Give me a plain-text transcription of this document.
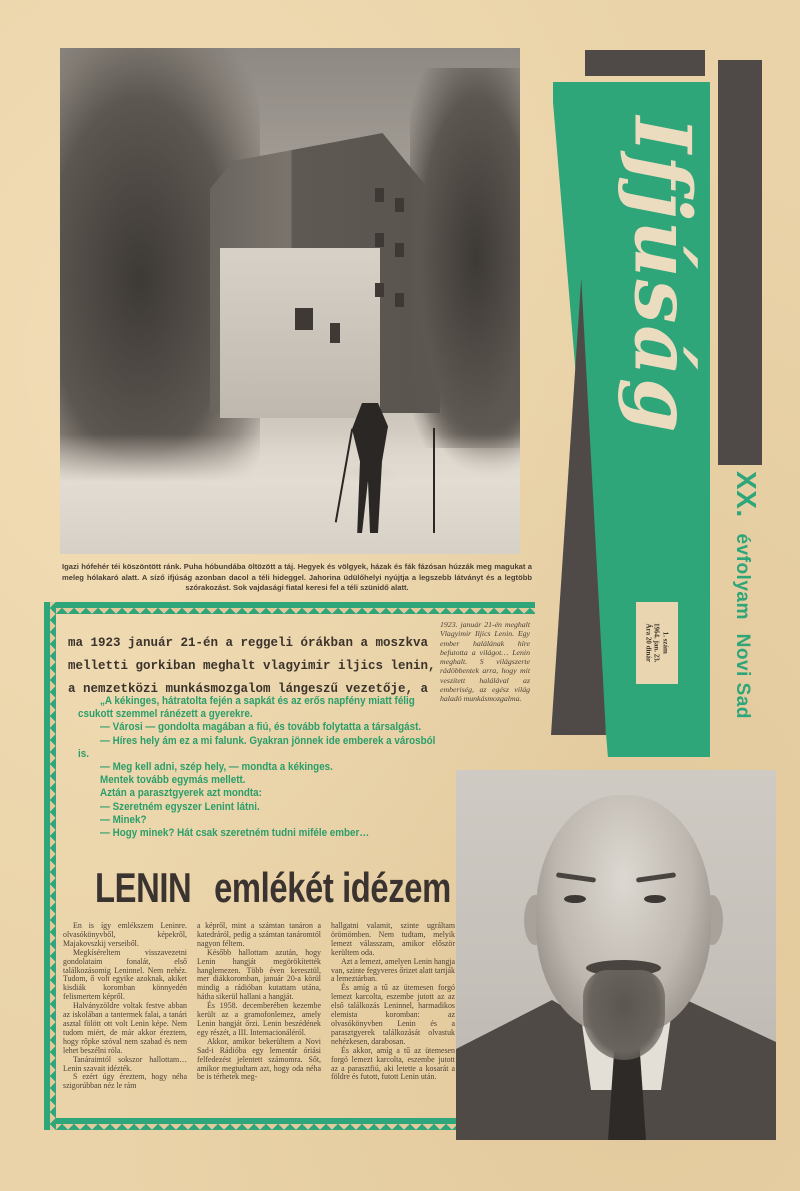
Igazi hófehér téi köszöntött ránk. Puha hóbundába öltözött a táj. Hegyek és völgyek, házak és fák fázósan húzzák meg magukat a meleg hólakaró alatt. A síző ifjúság azonban dacol a téli hideggel. Jahorina üdülőhelyi nyújtja a legszebb látványt és a legtöbb szórakozást. Sok vajdasági fiatal keresi fel a téli szünidő alatt.
Ifjúság
1. szám
1964. jan. 23.
Ára 20 dinár
XX. évfolyam Novi Sad
ma 1923 január 21-én a reggeli órákban a moszkva
melletti gorkiban meghalt vlagyimir iljics lenin,
a nemzetközi munkásmozgalom lángeszű vezetője, a
1923. január 21-én meghalt Vlagyimir Iljics Lenin. Egy ember halálának híre befutotta a világot… Lenin meghalt. S világszerte rádöbbentek arra, hogy mit veszített halálával az emberiség, az egész világ haladó munkásmozgalma.

„A kékinges, hátratolta fején a sapkát és az erős napfény miatt félig csukott szemmel ránézett a gyerekre.

— Városi — gondolta magában a fiú, és tovább folytatta a társalgást.

— Híres hely ám ez a mi falunk. Gyakran jönnek ide emberek a városból is.

— Meg kell adni, szép hely, — mondta a kékinges.

Mentek tovább egymás mellett.

Aztán a parasztgyerek azt mondta:

— Szeretném egyszer Lenint látni.

— Minek?

— Hogy minek? Hát csak szeretném tudni miféle ember…

LENIN emlékét idézem

Én is így emlékszem Leninre. olvasókönyvből, képekről, Majakovszkij verseiből.

Megkíséreltem visszavezetni gondolataim fonalát, első találkozásomig Leninnel. Nem nehéz. Tudom, ő volt egyike azoknak, akiket kisdiák koromban könnyedén felismertem képről.

Halványzöldre voltak festve abban az iskolában a tantermek falai, a tanári asztal fölött ott volt Lenin képe. Nem tudom miért, de már akkor éreztem, hogy rőpke szóval nem szabad és nem lehet beszélni róla.

Tanáraimtól sokszor hallottam… Lenin szavait idézték.

S ezért úgy éreztem, hogy néha szigorúbban néz le rám

a képről, mint a számtan tanáron a katedráról, pedig a számtan tanáromtól nagyon féltem.

Később hallottam azután, hogy Lenin hangját megörökítették hanglemezen. Több éven keresztül, mer diákkoromban, január 20-a körül mindig a rádióban kutattam utána, hátha sikerül hallani a hangját.

És 1958. decemberében kezembe került az a gramofonlemez, amely Lenin hangját őrzi. Lenin beszédének egy részét, a III. Internacionáléról.

Akkor, amikor bekerültem a Novi Sad-i Rádióba egy lementár óriási felfedezést jelentett számomra. Sőt, amikor megtudtam azt, hogy oda néha be is térhetek meg-

hallgatni valamit, szinte ugráltam örömömben. Nem tudtam, melyik lemezt válasszam, amikor először kerültem oda.

Azt a lemezt, amelyen Lenin hangja van, szinte fegyveres őrizet alatt tartják a lemeztárban.

És amíg a tű az ütemesen forgó lemezt karcolta, eszembe jutott az az első találkozás Leninnel, harmadikos elemista koromban: az olvasókönyvben Lenin és a parasztgyerek találkozását olvastuk nehézkesen, darabosan.

És akkor, amíg a tű az ütemesen forgó lemezt karcolta, eszembe jutott az a parasztfiú, aki letette a kosarát a földre és futott, futott Lenin után.
